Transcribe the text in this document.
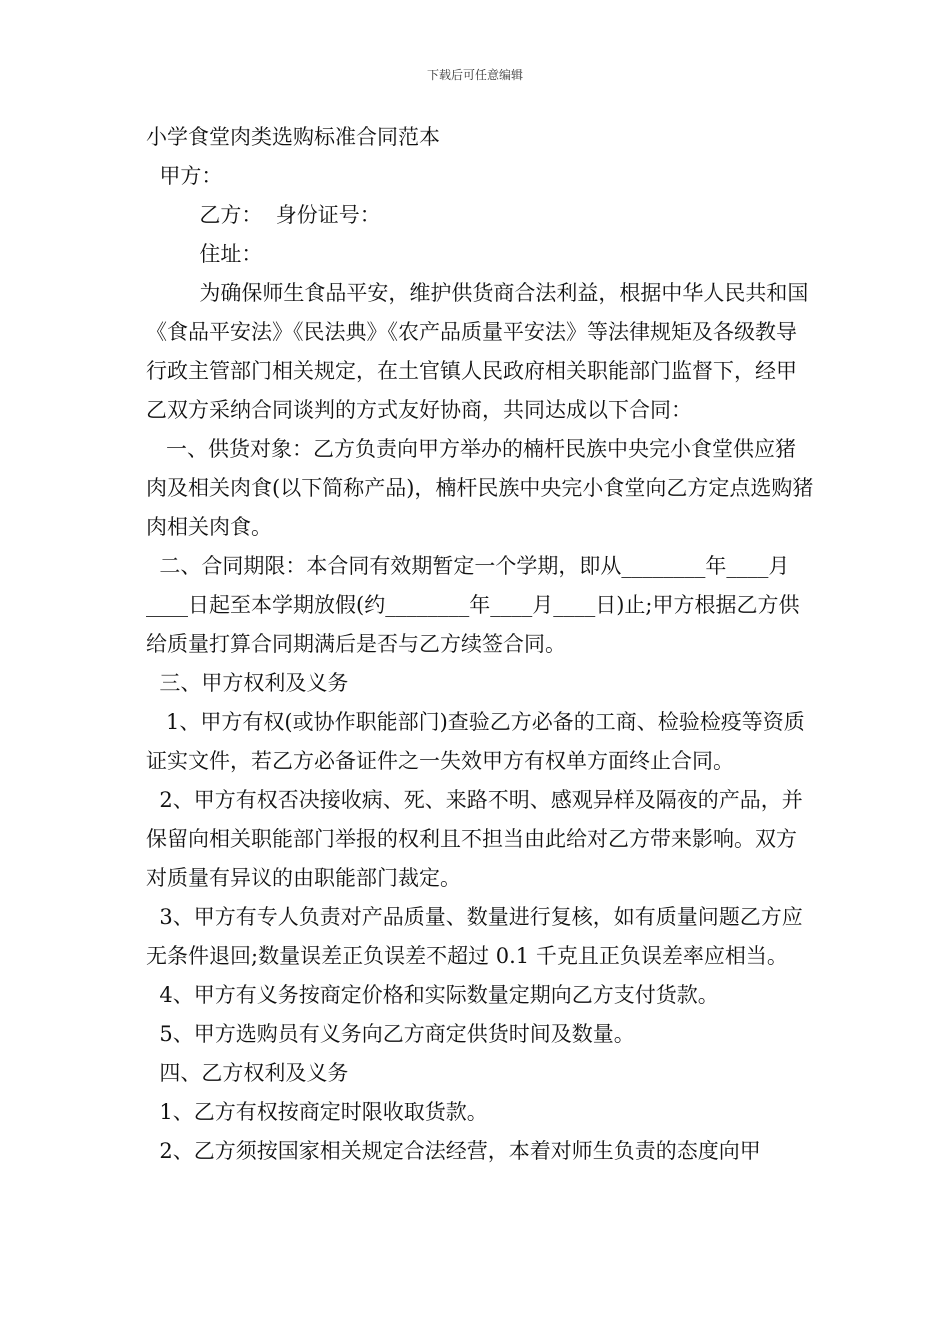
下载后可任意编辑

小学食堂肉类选购标准合同范本

甲方：

乙方：  身份证号：

住址：

为确保师生食品平安，维护供货商合法利益，根据中华人民共和国《食品平安法》《民法典》《农产品质量平安法》等法律规矩及各级教导行政主管部门相关规定，在土官镇人民政府相关职能部门监督下，经甲乙双方采纳合同谈判的方式友好协商，共同达成以下合同：

一、供货对象：乙方负责向甲方举办的楠杆民族中央完小食堂供应猪肉及相关肉食(以下简称产品)，楠杆民族中央完小食堂向乙方定点选购猪肉相关肉食。

二、合同期限：本合同有效期暂定一个学期，即从________年____月____日起至本学期放假(约________年____月____日)止;甲方根据乙方供给质量打算合同期满后是否与乙方续签合同。

三、甲方权利及义务

1、甲方有权(或协作职能部门)查验乙方必备的工商、检验检疫等资质证实文件，若乙方必备证件之一失效甲方有权单方面终止合同。

2、甲方有权否决接收病、死、来路不明、感观异样及隔夜的产品，并保留向相关职能部门举报的权利且不担当由此给对乙方带来影响。双方对质量有异议的由职能部门裁定。

3、甲方有专人负责对产品质量、数量进行复核，如有质量问题乙方应无条件退回;数量误差正负误差不超过 0.1 千克且正负误差率应相当。

4、甲方有义务按商定价格和实际数量定期向乙方支付货款。

5、甲方选购员有义务向乙方商定供货时间及数量。

四、乙方权利及义务

1、乙方有权按商定时限收取货款。

2、乙方须按国家相关规定合法经营，本着对师生负责的态度向甲
